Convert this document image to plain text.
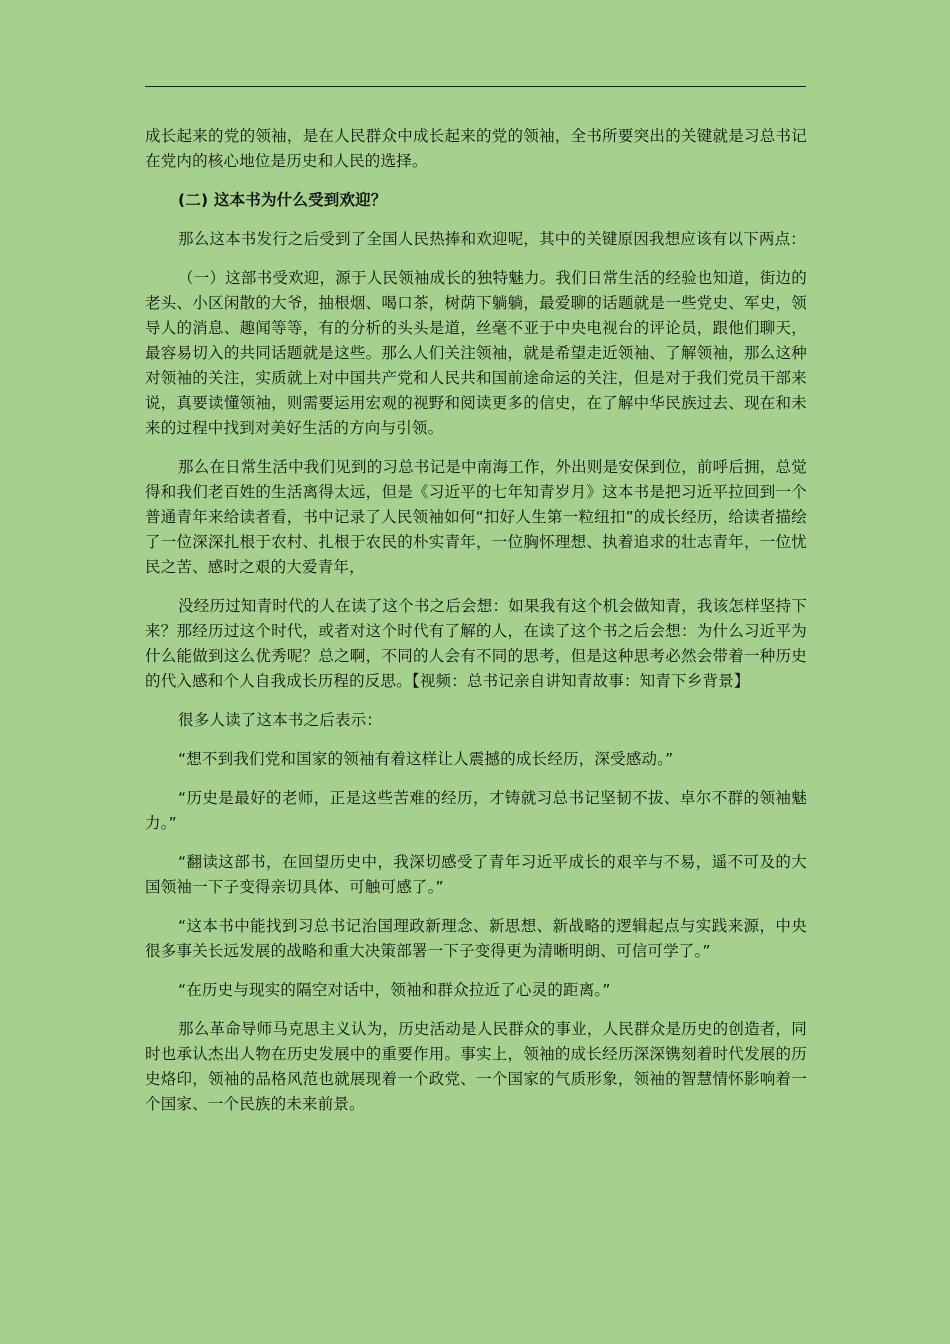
成长起来的党的领袖，是在人民群众中成长起来的党的领袖，全书所要突出的关键就是习总书记在党内的核心地位是历史和人民的选择。

(二) 这本书为什么受到欢迎？

那么这本书发行之后受到了全国人民热捧和欢迎呢，其中的关键原因我想应该有以下两点：

（一）这部书受欢迎，源于人民领袖成长的独特魅力。我们日常生活的经验也知道，街边的老头、小区闲散的大爷，抽根烟、喝口茶，树荫下躺躺，最爱聊的话题就是一些党史、军史，领导人的消息、趣闻等等，有的分析的头头是道，丝毫不亚于中央电视台的评论员，跟他们聊天，最容易切入的共同话题就是这些。那么人们关注领袖，就是希望走近领袖、了解领袖，那么这种对领袖的关注，实质就上对中国共产党和人民共和国前途命运的关注，但是对于我们党员干部来说，真要读懂领袖，则需要运用宏观的视野和阅读更多的信史，在了解中华民族过去、现在和未来的过程中找到对美好生活的方向与引领。

那么在日常生活中我们见到的习总书记是中南海工作，外出则是安保到位，前呼后拥，总觉得和我们老百姓的生活离得太远，但是《习近平的七年知青岁月》这本书是把习近平拉回到一个普通青年来给读者看，书中记录了人民领袖如何“扣好人生第一粒纽扣”的成长经历，给读者描绘了一位深深扎根于农村、扎根于农民的朴实青年，一位胸怀理想、执着追求的壮志青年，一位忧民之苦、感时之艰的大爱青年，

没经历过知青时代的人在读了这个书之后会想：如果我有这个机会做知青，我该怎样坚持下来？那经历过这个时代，或者对这个时代有了解的人，在读了这个书之后会想：为什么习近平为什么能做到这么优秀呢？总之啊，不同的人会有不同的思考，但是这种思考必然会带着一种历史的代入感和个人自我成长历程的反思。【视频：总书记亲自讲知青故事：知青下乡背景】

很多人读了这本书之后表示：

“想不到我们党和国家的领袖有着这样让人震撼的成长经历，深受感动。”

“历史是最好的老师，正是这些苦难的经历，才铸就习总书记坚韧不拔、卓尔不群的领袖魅力。”

“翻读这部书，在回望历史中，我深切感受了青年习近平成长的艰辛与不易，遥不可及的大国领袖一下子变得亲切具体、可触可感了。”

“这本书中能找到习总书记治国理政新理念、新思想、新战略的逻辑起点与实践来源，中央很多事关长远发展的战略和重大决策部署一下子变得更为清晰明朗、可信可学了。”

“在历史与现实的隔空对话中，领袖和群众拉近了心灵的距离。”

那么革命导师马克思主义认为，历史活动是人民群众的事业，人民群众是历史的创造者，同时也承认杰出人物在历史发展中的重要作用。事实上，领袖的成长经历深深镌刻着时代发展的历史烙印，领袖的品格风范也就展现着一个政党、一个国家的气质形象，领袖的智慧情怀影响着一个国家、一个民族的未来前景。
